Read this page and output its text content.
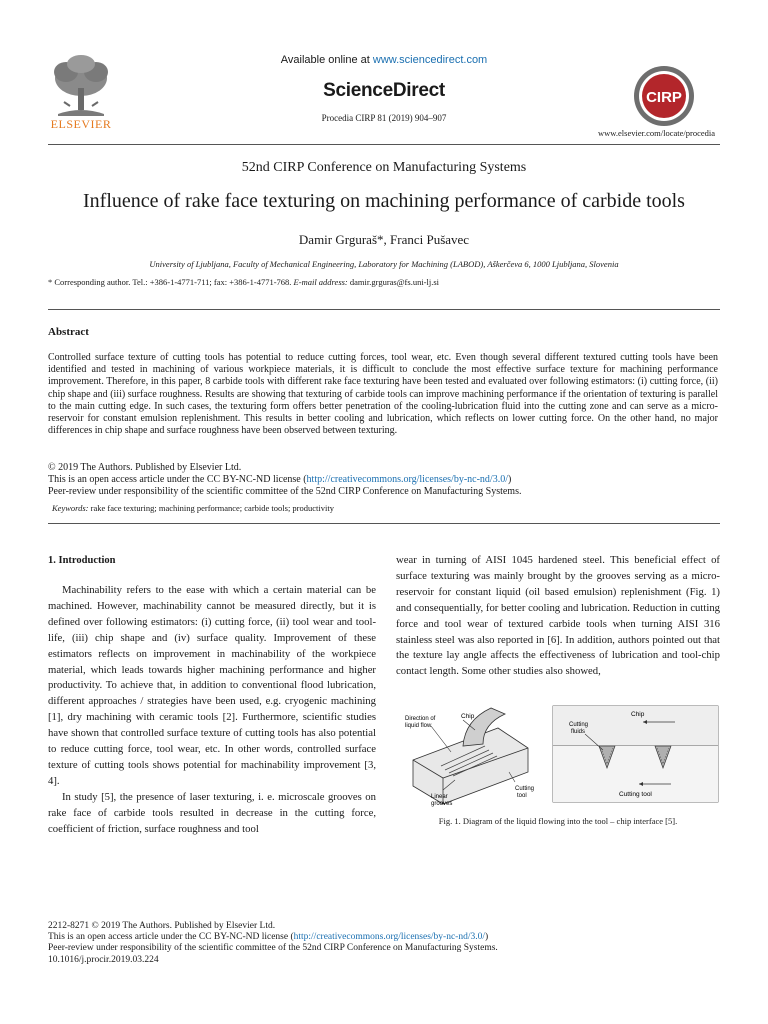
Available online at www.sciencedirect.com
ScienceDirect
Procedia CIRP 81 (2019) 904–907
ELSEVIER
CIRP
www.elsevier.com/locate/procedia
52nd CIRP Conference on Manufacturing Systems
Influence of rake face texturing on machining performance of carbide tools
Damir Grguraš*, Franci Pušavec
University of Ljubljana, Faculty of Mechanical Engineering, Laboratory for Machining (LABOD), Aškerčeva 6, 1000 Ljubljana, Slovenia
* Corresponding author. Tel.: +386-1-4771-711; fax: +386-1-4771-768. E-mail address: damir.grguras@fs.uni-lj.si
Abstract
Controlled surface texture of cutting tools has potential to reduce cutting forces, tool wear, etc. Even though several different textured cutting tools have been identified and tested in machining of various workpiece materials, it is difficult to conclude the most effective surface texture for machining performance improvement. Therefore, in this paper, 8 carbide tools with different rake face texturing have been tested and evaluated over following estimators: (i) cutting force, (ii) chip shape and (iii) surface roughness. Results are showing that texturing of carbide tools can improve machining performance if the orientation of texturing is parallel to the main cutting edge. In such cases, the texturing form offers better penetration of the cooling-lubrication fluid into the cutting zone and can serve as a micro-reservoir for constant emulsion replenishment. This results in better cooling and lubrication, which reflects on lower cutting force. On the other hand, no major differences in chip shape and surface roughness have been observed between texturing.
© 2019 The Authors. Published by Elsevier Ltd.
This is an open access article under the CC BY-NC-ND license (http://creativecommons.org/licenses/by-nc-nd/3.0/)
Peer-review under responsibility of the scientific committee of the 52nd CIRP Conference on Manufacturing Systems.
Keywords: rake face texturing; machining performance; carbide tools; productivity
1. Introduction

Machinability refers to the ease with which a certain material can be machined. However, machinability cannot be measured directly, but it is defined over following estimators: (i) cutting force, (ii) tool wear and tool-life, (iii) chip shape and (iv) surface quality. Improvement of these estimators reflects on improvement in machinability of the workpiece material, which leads towards higher machining performance and higher productivity. To achieve that, in addition to conventional flood lubrication, different approaches / strategies have been used, e.g. cryogenic machining [1], dry machining with ceramic tools [2]. Furthermore, scientific studies have shown that controlled surface texture of cutting tools has also potential to reduce cutting force, tool wear, etc. In other words, controlled surface texture of cutting tools shows potential for machinability improvement [3, 4].

In study [5], the presence of laser texturing, i. e. microscale grooves on rake face of carbide tools resulted in decrease in the cutting force, coefficient of friction, surface roughness and tool

wear in turning of AISI 1045 hardened steel. This beneficial effect of surface texturing was mainly brought by the grooves serving as a micro-reservoir for constant liquid (oil based emulsion) replenishment (Fig. 1) and consequentially, for better cooling and lubrication. Reduction in cutting force and tool wear of textured carbide tools when turning AISI 316 stainless steel was also reported in [6]. In addition, authors pointed out that the texture lay angle affects the effectiveness of lubrication and tool-chip contact length. Some other studies also showed,

Chip
Direction of
liquid flow
Linear
grooves
Cutting
tool
Chip
Cutting
fluids
Cutting tool
Fig. 1. Diagram of the liquid flowing into the tool – chip interface [5].
2212-8271 © 2019 The Authors. Published by Elsevier Ltd.
This is an open access article under the CC BY-NC-ND license (http://creativecommons.org/licenses/by-nc-nd/3.0/)
Peer-review under responsibility of the scientific committee of the 52nd CIRP Conference on Manufacturing Systems.
10.1016/j.procir.2019.03.224
